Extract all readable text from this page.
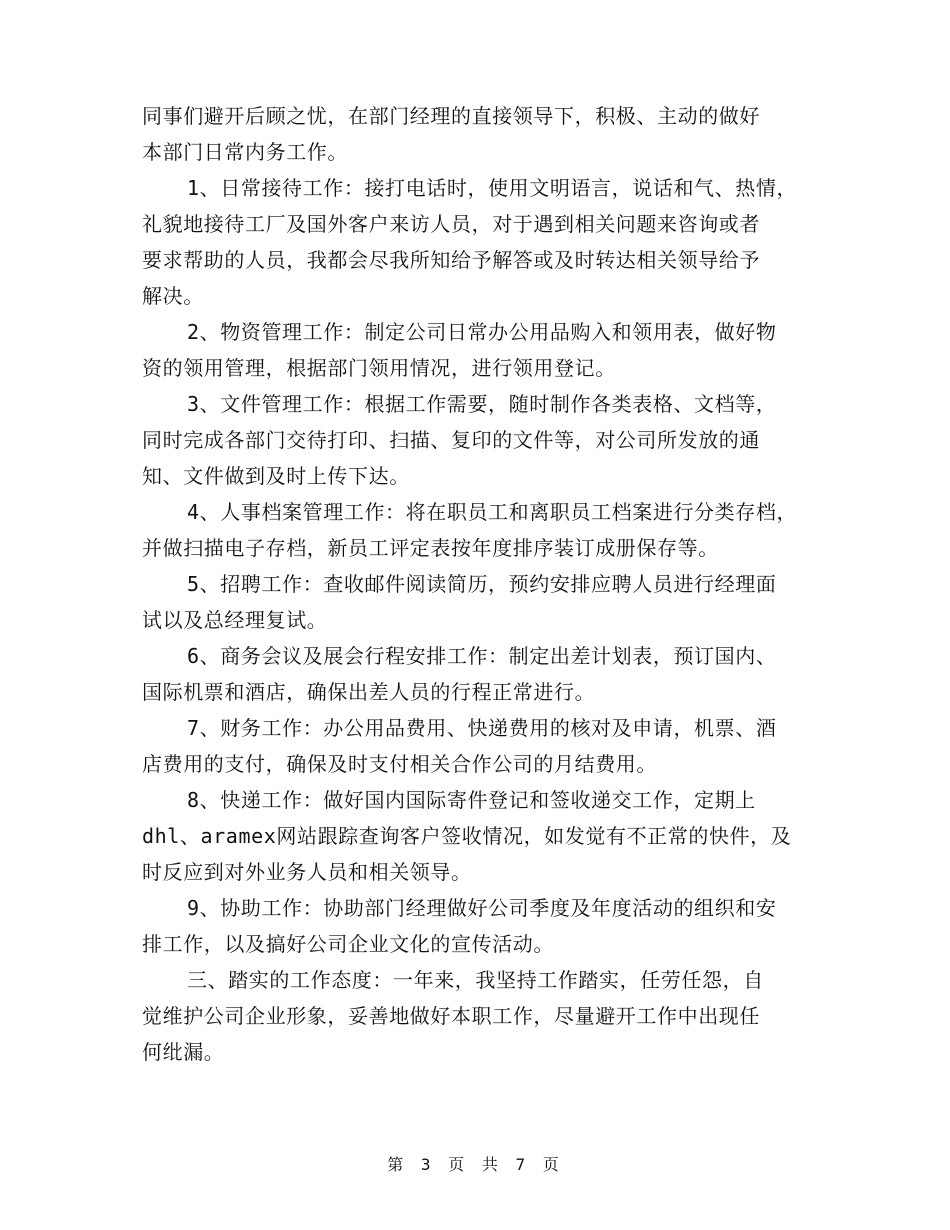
同事们避开后顾之忧，在部门经理的直接领导下，积极、主动的做好
本部门日常内务工作。
1、日常接待工作：接打电话时，使用文明语言，说话和气、热情，
礼貌地接待工厂及国外客户来访人员，对于遇到相关问题来咨询或者
要求帮助的人员，我都会尽我所知给予解答或及时转达相关领导给予
解决。
2、物资管理工作：制定公司日常办公用品购入和领用表，做好物
资的领用管理，根据部门领用情况，进行领用登记。
3、文件管理工作：根据工作需要，随时制作各类表格、文档等，
同时完成各部门交待打印、扫描、复印的文件等，对公司所发放的通
知、文件做到及时上传下达。
4、人事档案管理工作：将在职员工和离职员工档案进行分类存档，
并做扫描电子存档，新员工评定表按年度排序装订成册保存等。
5、招聘工作：查收邮件阅读简历，预约安排应聘人员进行经理面
试以及总经理复试。
6、商务会议及展会行程安排工作：制定出差计划表，预订国内、
国际机票和酒店，确保出差人员的行程正常进行。
7、财务工作：办公用品费用、快递费用的核对及申请，机票、酒
店费用的支付，确保及时支付相关合作公司的月结费用。
8、快递工作：做好国内国际寄件登记和签收递交工作，定期上
dhl、aramex网站跟踪查询客户签收情况，如发觉有不正常的快件，及
时反应到对外业务人员和相关领导。
9、协助工作：协助部门经理做好公司季度及年度活动的组织和安
排工作，以及搞好公司企业文化的宣传活动。
三、踏实的工作态度：一年来，我坚持工作踏实，任劳任怨，自
觉维护公司企业形象，妥善地做好本职工作，尽量避开工作中出现任
何纰漏。
第 3 页 共 7 页
